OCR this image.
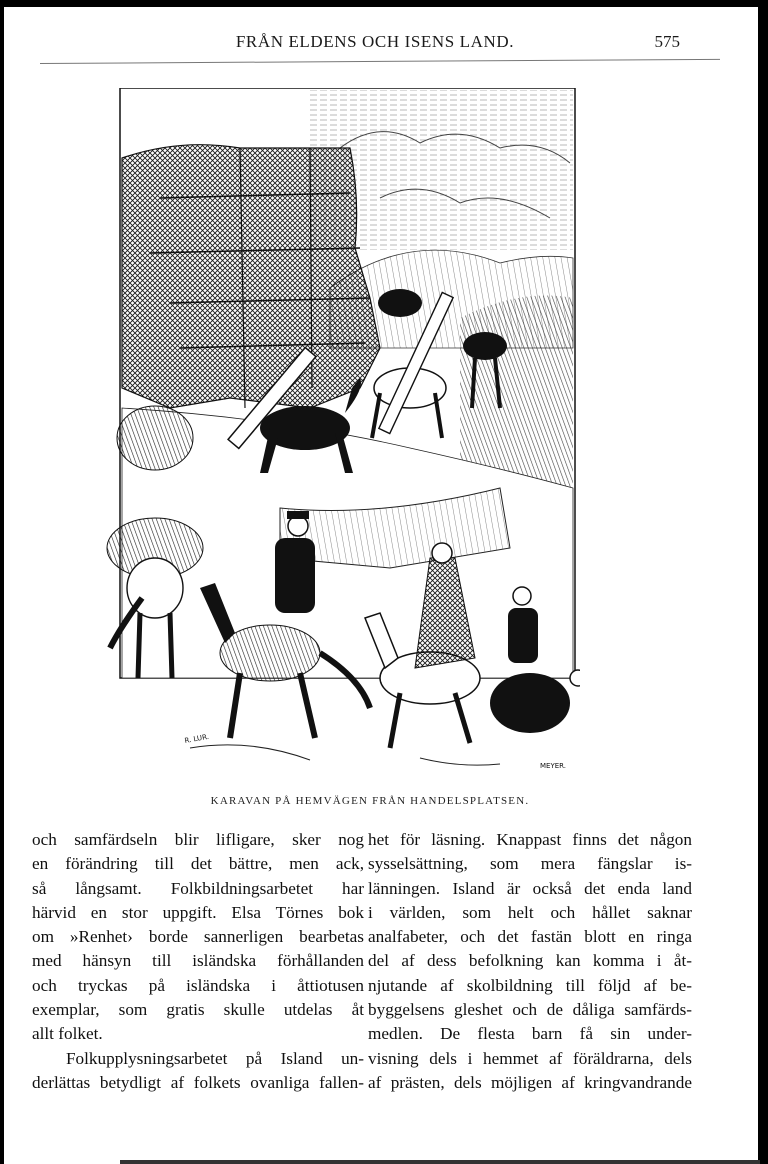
FRÅN ELDENS OCH ISENS LAND.	575
R. LUR.
MEYER.
KARAVAN PÅ HEMVÄGEN FRÅN HANDELSPLATSEN.
och samfärdseln blir lifligare, sker nog
en förändring till det bättre, men ack,
så långsamt. Folkbildningsarbetet har
härvid en stor uppgift. Elsa Törnes bok
om »Renhet› borde sannerligen bearbetas
med hänsyn till isländska förhållanden
och tryckas på isländska i åttiotusen
exemplar, som gratis skulle utdelas åt
allt folket.
Folkupplysningsarbetet på Island un-
derlättas betydligt af folkets ovanliga fallen-
het för läsning. Knappast finns det någon
sysselsättning, som mera fängslar is-
länningen. Island är också det enda land
i världen, som helt och hållet saknar
analfabeter, och det fastän blott en ringa
del af dess befolkning kan komma i åt-
njutande af skolbildning till följd af be-
byggelsens gleshet och de dåliga samfärds-
medlen. De flesta barn få sin under-
visning dels i hemmet af föräldrarna, dels
af prästen, dels möjligen af kringvandrande
